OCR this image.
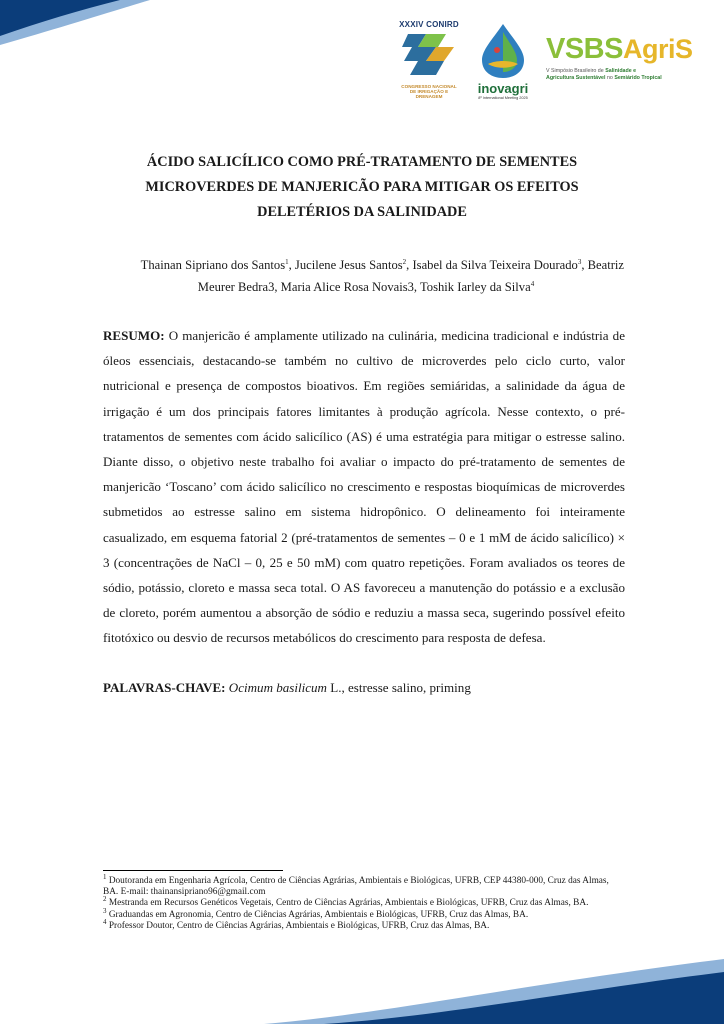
XXXIV CONIRD
CONGRESSO NACIONAL
DE IRRIGAÇÃO E DRENAGEM
inovagri
8º International Meeting 2025
VSBSAgriS
V Simpósio Brasileiro de Salinidade e
Agricultura Sustentável no Semiárido Tropical
ÁCIDO SALICÍLICO COMO PRÉ-TRATAMENTO DE SEMENTES MICROVERDES DE MANJERICÃO PARA MITIGAR OS EFEITOS DELETÉRIOS DA SALINIDADE
Thainan Sipriano dos Santos$^1$, Jucilene Jesus Santos$^2$, Isabel da Silva Teixeira Dourado$^3$, Beatriz
Meurer Bedra3, Maria Alice Rosa Novais3, Toshik Iarley da Silva$^4$
RESUMO: O manjericão é amplamente utilizado na culinária, medicina tradicional e indústria de óleos essenciais, destacando-se também no cultivo de microverdes pelo ciclo curto, valor nutricional e presença de compostos bioativos. Em regiões semiáridas, a salinidade da água de irrigação é um dos principais fatores limitantes à produção agrícola. Nesse contexto, o pré-tratamentos de sementes com ácido salicílico (AS) é uma estratégia para mitigar o estresse salino. Diante disso, o objetivo neste trabalho foi avaliar o impacto do pré-tratamento de sementes de manjericão ‘Toscano’ com ácido salicílico no crescimento e respostas bioquímicas de microverdes submetidos ao estresse salino em sistema hidropônico. O delineamento foi inteiramente casualizado, em esquema fatorial 2 (pré-tratamentos de sementes – 0 e 1 mM de ácido salicílico) × 3 (concentrações de NaCl – 0, 25 e 50 mM) com quatro repetições. Foram avaliados os teores de sódio, potássio, cloreto e massa seca total. O AS favoreceu a manutenção do potássio e a exclusão de cloreto, porém aumentou a absorção de sódio e reduziu a massa seca, sugerindo possível efeito fitotóxico ou desvio de recursos metabólicos do crescimento para resposta de defesa.
PALAVRAS-CHAVE: Ocimum basilicum L., estresse salino, priming

$^1$ Doutoranda em Engenharia Agrícola, Centro de Ciências Agrárias, Ambientais e Biológicas, UFRB, CEP 44380-000, Cruz das Almas, BA. E-mail: thainansipriano96@gmail.com

$^2$ Mestranda em Recursos Genéticos Vegetais, Centro de Ciências Agrárias, Ambientais e Biológicas, UFRB, Cruz das Almas, BA.

$^3$ Graduandas em Agronomia, Centro de Ciências Agrárias, Ambientais e Biológicas, UFRB, Cruz das Almas, BA.

$^4$ Professor Doutor, Centro de Ciências Agrárias, Ambientais e Biológicas, UFRB, Cruz das Almas, BA.
